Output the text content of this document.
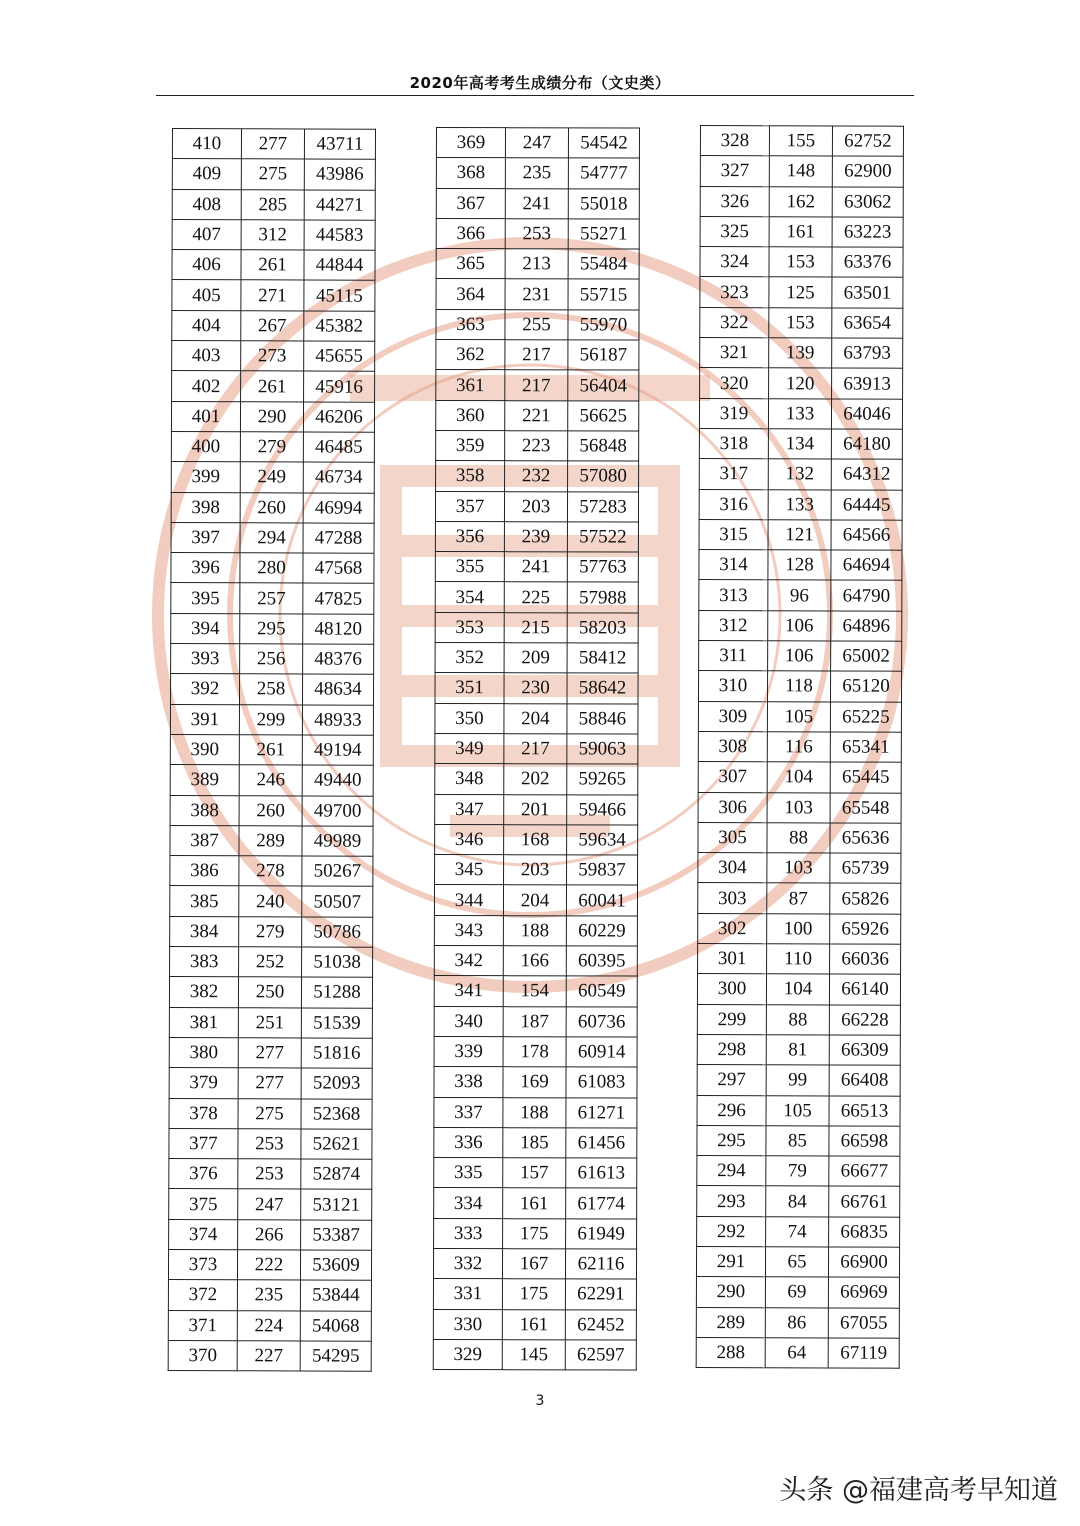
2020年高考考生成绩分布（文史类）
410	277	43711
409	275	43986
408	285	44271
407	312	44583
406	261	44844
405	271	45115
404	267	45382
403	273	45655
402	261	45916
401	290	46206
400	279	46485
399	249	46734
398	260	46994
397	294	47288
396	280	47568
395	257	47825
394	295	48120
393	256	48376
392	258	48634
391	299	48933
390	261	49194
389	246	49440
388	260	49700
387	289	49989
386	278	50267
385	240	50507
384	279	50786
383	252	51038
382	250	51288
381	251	51539
380	277	51816
379	277	52093
378	275	52368
377	253	52621
376	253	52874
375	247	53121
374	266	53387
373	222	53609
372	235	53844
371	224	54068
370	227	54295
369	247	54542
368	235	54777
367	241	55018
366	253	55271
365	213	55484
364	231	55715
363	255	55970
362	217	56187
361	217	56404
360	221	56625
359	223	56848
358	232	57080
357	203	57283
356	239	57522
355	241	57763
354	225	57988
353	215	58203
352	209	58412
351	230	58642
350	204	58846
349	217	59063
348	202	59265
347	201	59466
346	168	59634
345	203	59837
344	204	60041
343	188	60229
342	166	60395
341	154	60549
340	187	60736
339	178	60914
338	169	61083
337	188	61271
336	185	61456
335	157	61613
334	161	61774
333	175	61949
332	167	62116
331	175	62291
330	161	62452
329	145	62597
328	155	62752
327	148	62900
326	162	63062
325	161	63223
324	153	63376
323	125	63501
322	153	63654
321	139	63793
320	120	63913
319	133	64046
318	134	64180
317	132	64312
316	133	64445
315	121	64566
314	128	64694
313	96	64790
312	106	64896
311	106	65002
310	118	65120
309	105	65225
308	116	65341
307	104	65445
306	103	65548
305	88	65636
304	103	65739
303	87	65826
302	100	65926
301	110	66036
300	104	66140
299	88	66228
298	81	66309
297	99	66408
296	105	66513
295	85	66598
294	79	66677
293	84	66761
292	74	66835
291	65	66900
290	69	66969
289	86	67055
288	64	67119
3
头条 @福建高考早知道
